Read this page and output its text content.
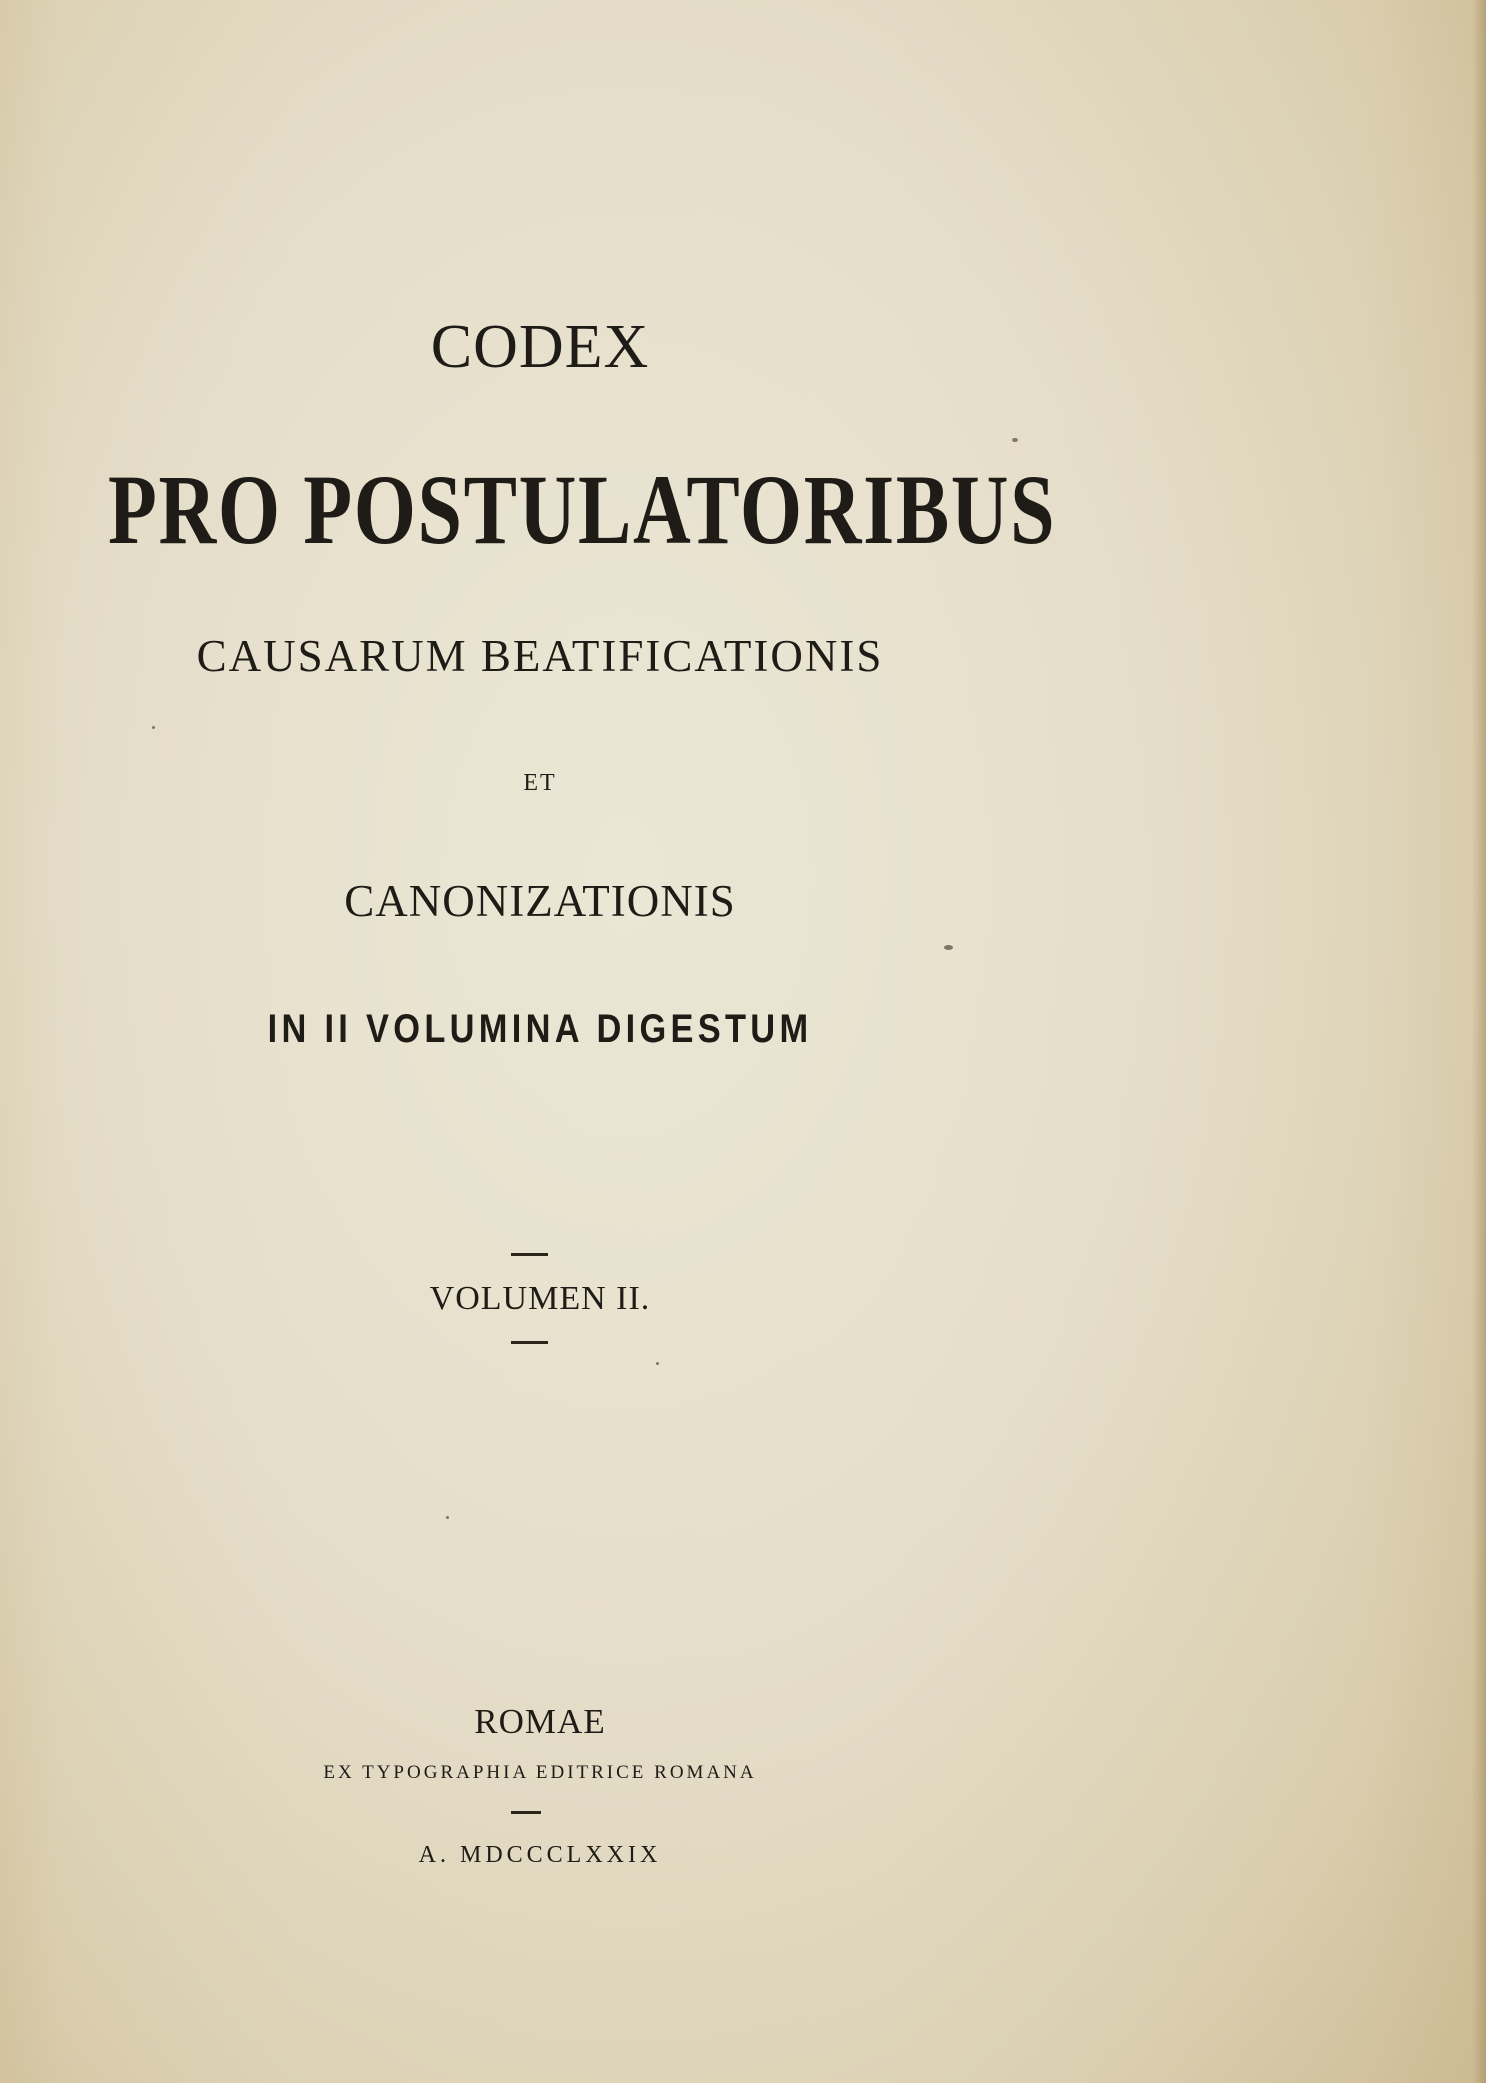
CODEX

PRO POSTULATORIBUS

CAUSARUM BEATIFICATIONIS

ET

CANONIZATIONIS

IN II VOLUMINA DIGESTUM

VOLUMEN II.

ROMAE

EX TYPOGRAPHIA EDITRICE ROMANA

A. MDCCCLXXIX
